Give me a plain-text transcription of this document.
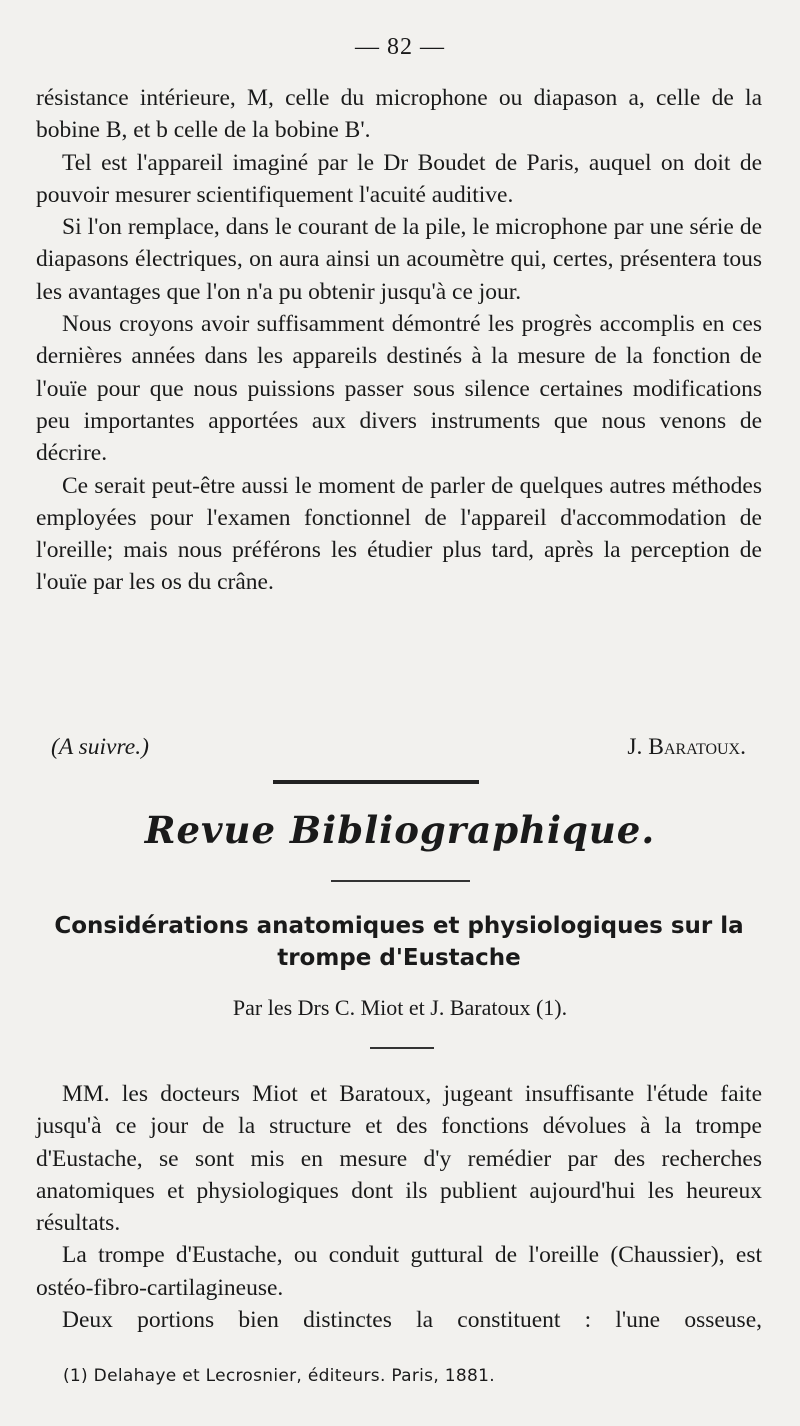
— 82 —

résistance intérieure, M, celle du microphone ou diapason a, celle de la bobine B, et b celle de la bobine B'.

Tel est l'appareil imaginé par le Dr Boudet de Paris, auquel on doit de pouvoir mesurer scientifiquement l'acuité auditive.

Si l'on remplace, dans le courant de la pile, le microphone par une série de diapasons électriques, on aura ainsi un acoumètre qui, certes, présentera tous les avantages que l'on n'a pu obtenir jusqu'à ce jour.

Nous croyons avoir suffisamment démontré les progrès accomplis en ces dernières années dans les appareils destinés à la mesure de la fonction de l'ouïe pour que nous puissions passer sous silence certaines modifications peu importantes apportées aux divers instruments que nous venons de décrire.

Ce serait peut-être aussi le moment de parler de quelques autres méthodes employées pour l'examen fonctionnel de l'appareil d'accommodation de l'oreille; mais nous préférons les étudier plus tard, après la perception de l'ouïe par les os du crâne.

(A suivre.)	J. Baratoux.
Revue Bibliographique.
Considérations anatomiques et physiologiques sur la trompe d'Eustache
Par les Drs C. Miot et J. Baratoux (1).

MM. les docteurs Miot et Baratoux, jugeant insuffisante l'étude faite jusqu'à ce jour de la structure et des fonctions dévolues à la trompe d'Eustache, se sont mis en mesure d'y remédier par des recherches anatomiques et physiologiques dont ils publient aujourd'hui les heureux résultats.

La trompe d'Eustache, ou conduit guttural de l'oreille (Chaussier), est ostéo-fibro-cartilagineuse.

Deux portions bien distinctes la constituent : l'une osseuse,

(1) Delahaye et Lecrosnier, éditeurs. Paris, 1881.
